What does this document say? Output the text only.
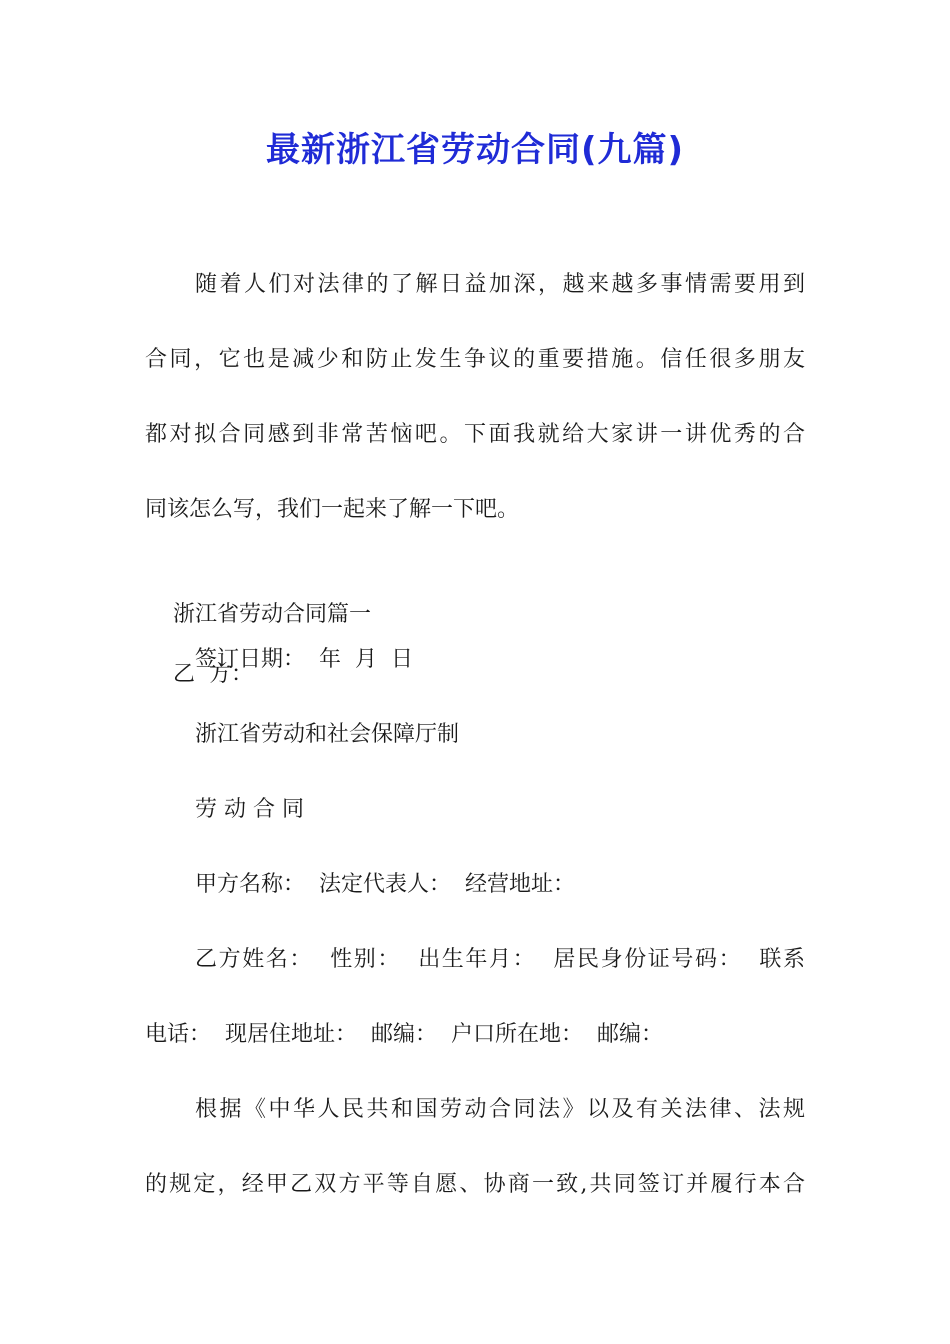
最新浙江省劳动合同(九篇)
随着人们对法律的了解日益加深，越来越多事情需要用到
合同，它也是减少和防止发生争议的重要措施。信任很多朋友
都对拟合同感到非常苦恼吧。下面我就给大家讲一讲优秀的合
同该怎么写，我们一起来了解一下吧。

浙江省劳动合同篇一

乙  方：

签订日期：  年  月  日
浙江省劳动和社会保障厅制
劳 动 合 同
甲方名称：  法定代表人：  经营地址：
乙方姓名：  性别：  出生年月：  居民身份证号码：  联系
电话：  现居住地址：  邮编：  户口所在地：  邮编：
根据《中华人民共和国劳动合同法》以及有关法律、法规
的规定，经甲乙双方平等自愿、协商一致,共同签订并履行本合
